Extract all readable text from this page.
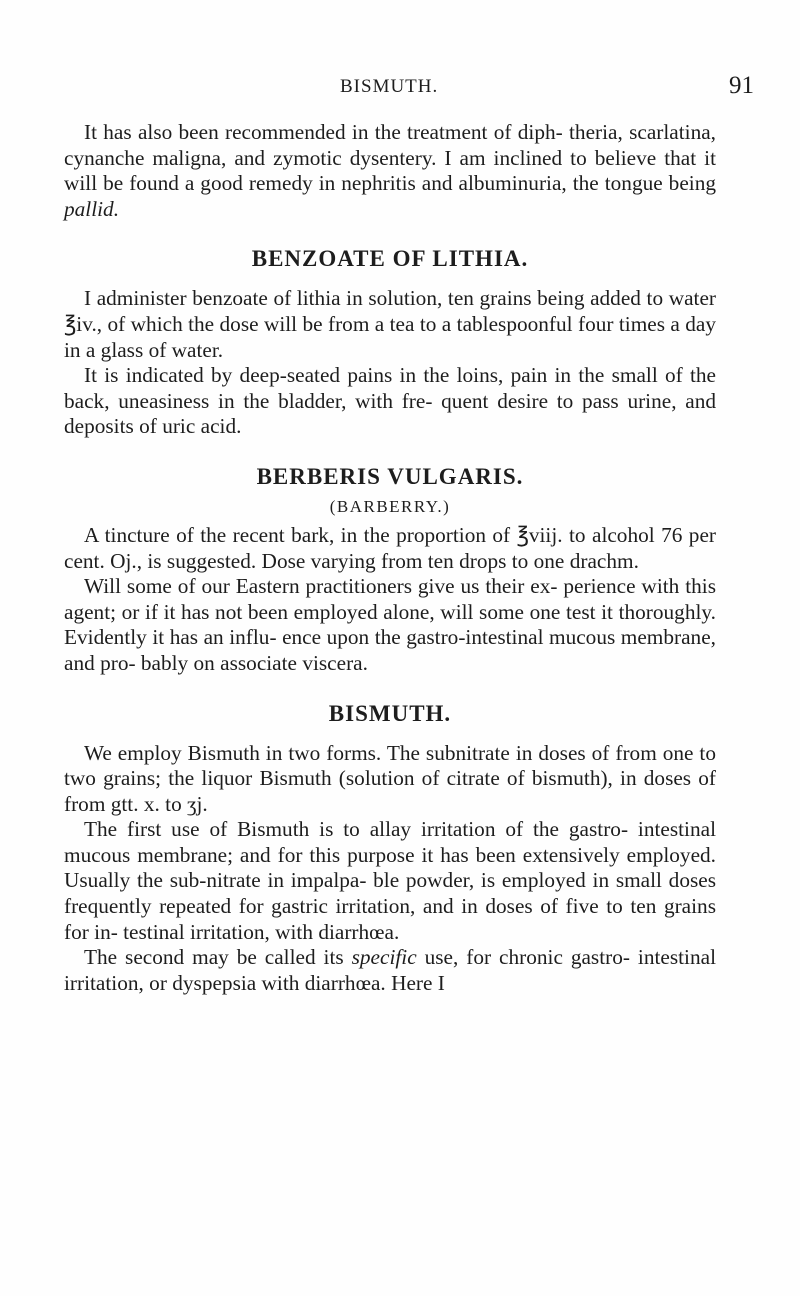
BISMUTH.	91

It has also been recommended in the treatment of diph- theria, scarlatina, cynanche maligna, and zymotic dysentery. I am inclined to believe that it will be found a good remedy in nephritis and albuminuria, the tongue being pallid.

BENZOATE OF LITHIA.

I administer benzoate of lithia in solution, ten grains being added to water ℥iv., of which the dose will be from a tea to a tablespoonful four times a day in a glass of water.

It is indicated by deep-seated pains in the loins, pain in the small of the back, uneasiness in the bladder, with fre- quent desire to pass urine, and deposits of uric acid.

BERBERIS VULGARIS.
(BARBERRY.)

A tincture of the recent bark, in the proportion of ℥viij. to alcohol 76 per cent. Oj., is suggested. Dose varying from ten drops to one drachm.

Will some of our Eastern practitioners give us their ex- perience with this agent; or if it has not been employed alone, will some one test it thoroughly. Evidently it has an influ- ence upon the gastro-intestinal mucous membrane, and pro- bably on associate viscera.

BISMUTH.

We employ Bismuth in two forms. The subnitrate in doses of from one to two grains; the liquor Bismuth (solution of citrate of bismuth), in doses of from gtt. x. to ʒj.

The first use of Bismuth is to allay irritation of the gastro- intestinal mucous membrane; and for this purpose it has been extensively employed. Usually the sub-nitrate in impalpa- ble powder, is employed in small doses frequently repeated for gastric irritation, and in doses of five to ten grains for in- testinal irritation, with diarrhœa.

The second may be called its specific use, for chronic gastro- intestinal irritation, or dyspepsia with diarrhœa. Here I
